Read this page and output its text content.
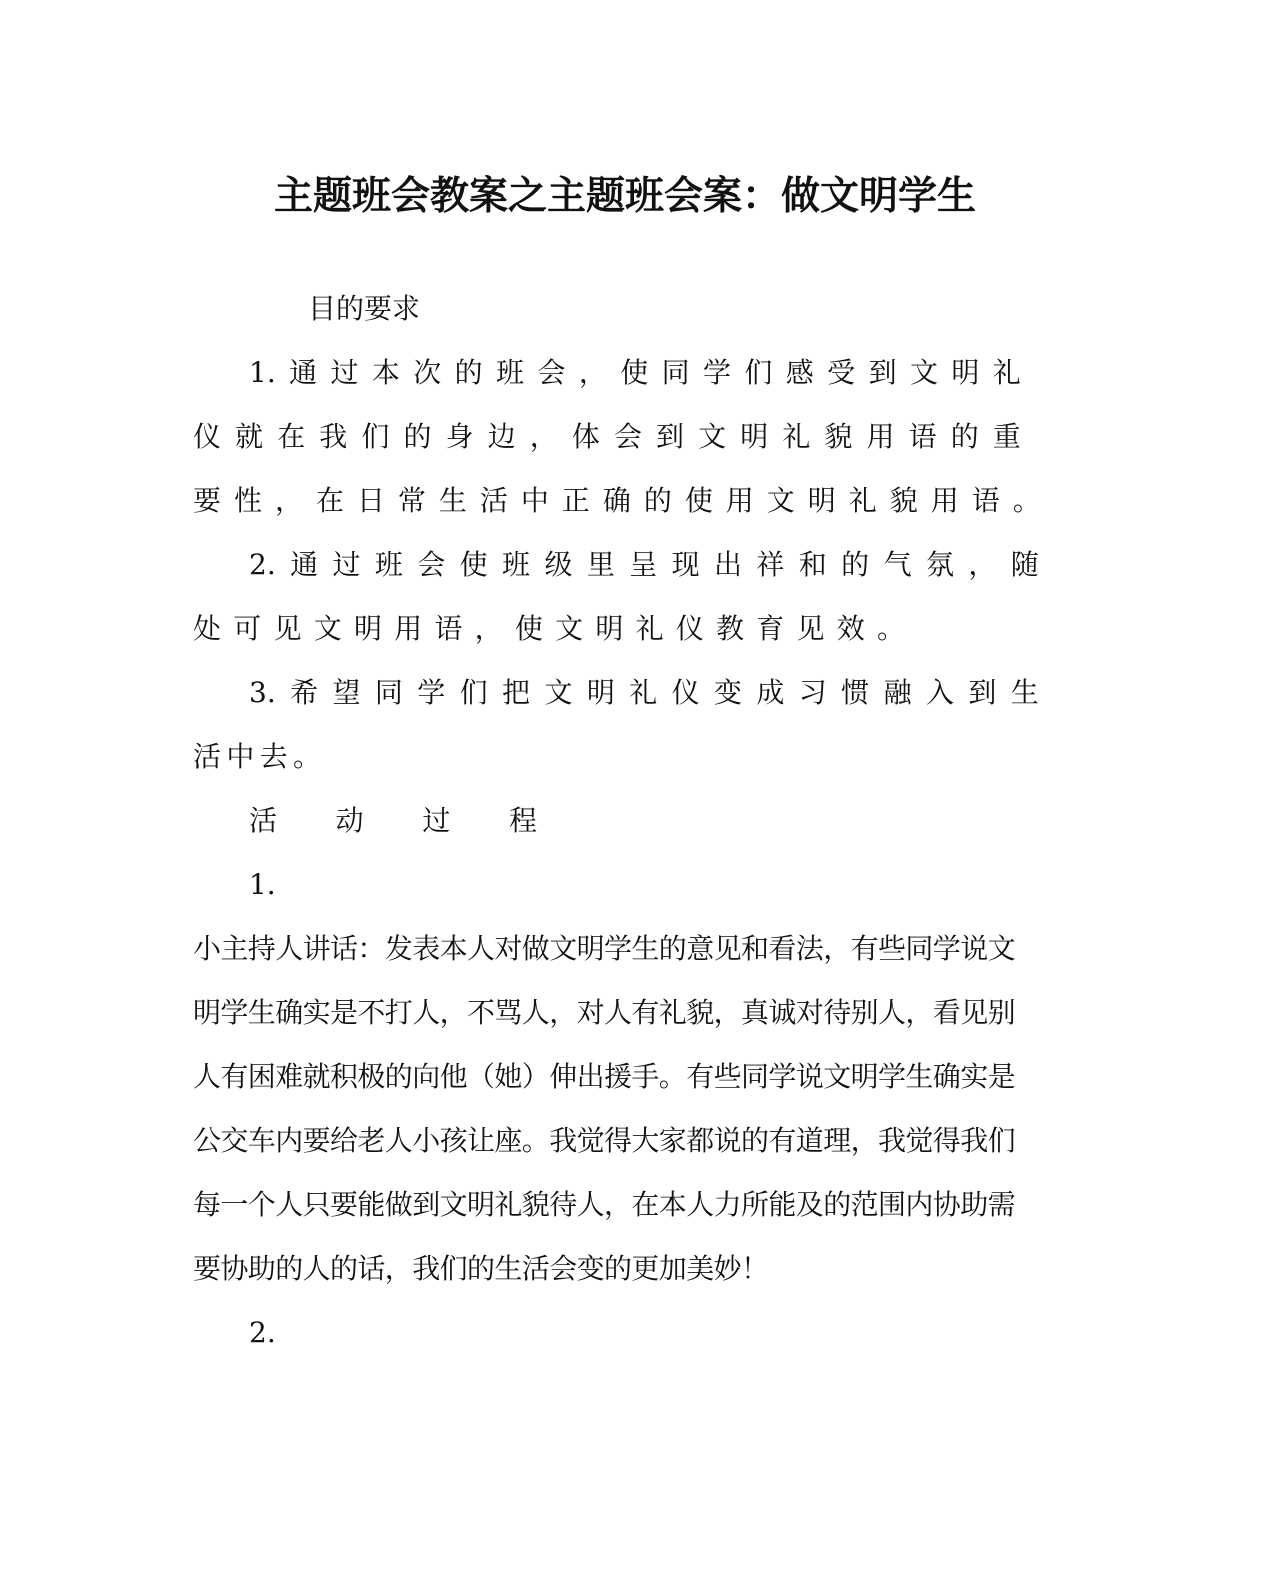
主题班会教案之主题班会案：做文明学生
目的要求
1. 通 过 本 次 的 班 会 ， 使 同 学 们 感 受 到 文 明 礼
仪 就 在 我 们 的 身 边 ， 体 会 到 文 明 礼 貌 用 语 的 重
要 性 ， 在 日 常 生 活 中 正 确 的 使 用 文 明 礼 貌 用 语 。
2. 通 过 班 会 使 班 级 里 呈 现 出 祥 和 的 气 氛 ， 随
处 可 见 文 明 用 语 ， 使 文 明 礼 仪 教 育 见 效 。
3. 希 望 同 学 们 把 文 明 礼 仪 变 成 习 惯 融 入 到 生
活 中 去 。
活 动 过 程
1．
小主持人讲话：发表本人对做文明学生的意见和看法，有些同学说文
明学生确实是不打人，不骂人，对人有礼貌，真诚对待别人，看见别
人有困难就积极的向他（她）伸出援手。有些同学说文明学生确实是
公交车内要给老人小孩让座。我觉得大家都说的有道理，我觉得我们
每一个人只要能做到文明礼貌待人，在本人力所能及的范围内协助需
要协助的人的话，我们的生活会变的更加美妙！
2.
